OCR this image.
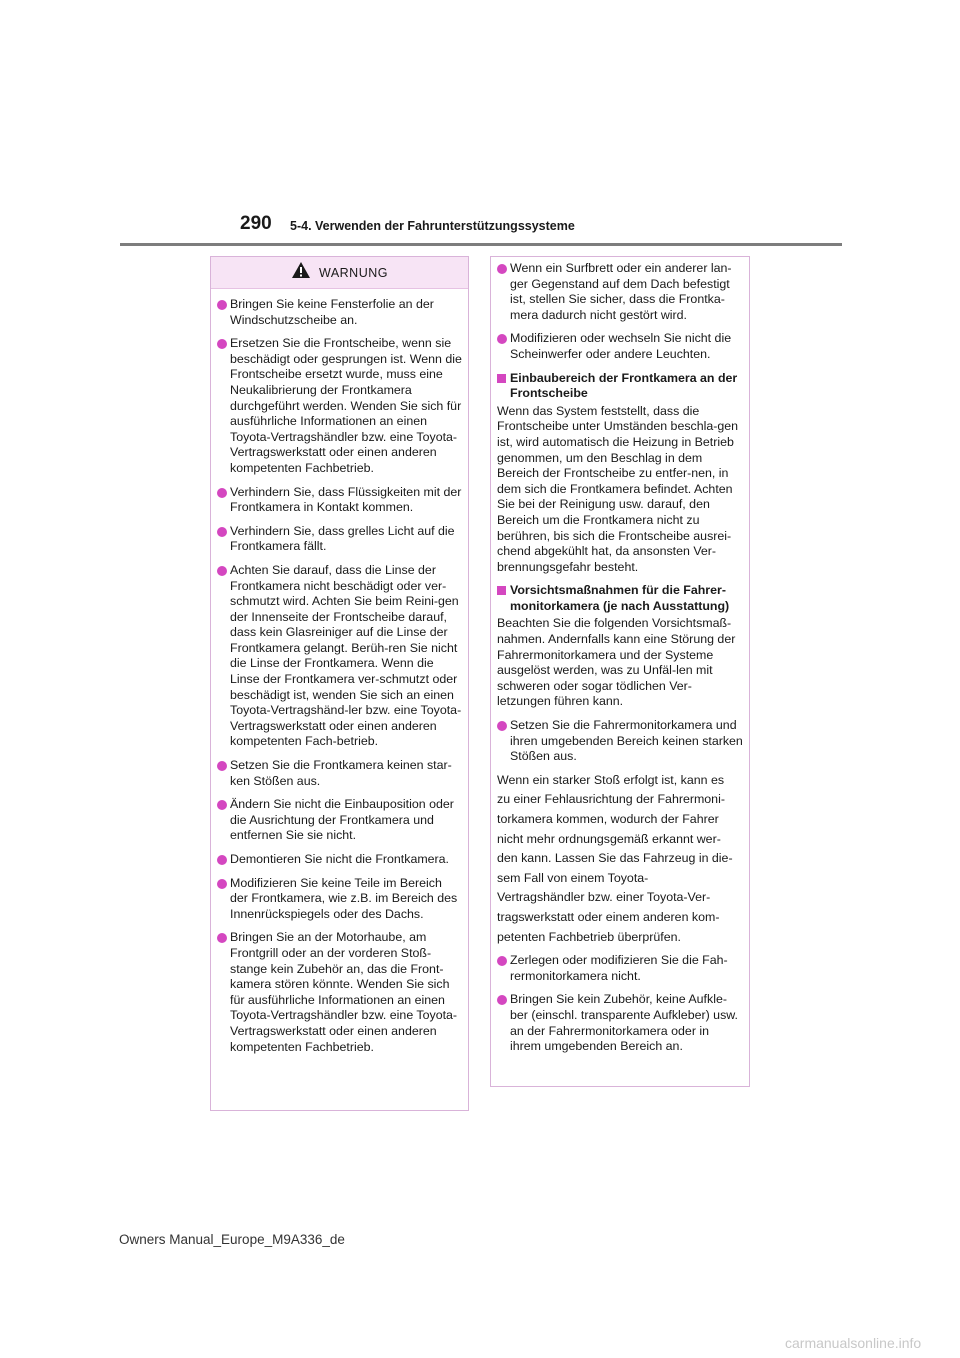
290 5-4. Verwenden der Fahrunterstützungssysteme
WARNUNG
Bringen Sie keine Fensterfolie an der Windschutzscheibe an.
Ersetzen Sie die Frontscheibe, wenn sie beschädigt oder gesprungen ist. Wenn die Frontscheibe ersetzt wurde, muss eine Neukalibrierung der Frontkamera durchgeführt werden. Wenden Sie sich für ausführliche Informationen an einen Toyota-Vertragshändler bzw. eine Toyota-Vertragswerkstatt oder einen anderen kompetenten Fachbetrieb.
Verhindern Sie, dass Flüssigkeiten mit der Frontkamera in Kontakt kommen.
Verhindern Sie, dass grelles Licht auf die Frontkamera fällt.
Achten Sie darauf, dass die Linse der Frontkamera nicht beschädigt oder ver-schmutzt wird. Achten Sie beim Reini-gen der Innenseite der Frontscheibe darauf, dass kein Glasreiniger auf die Linse der Frontkamera gelangt. Berüh-ren Sie nicht die Linse der Frontkamera. Wenn die Linse der Frontkamera ver-schmutzt oder beschädigt ist, wenden Sie sich an einen Toyota-Vertragshänd-ler bzw. eine Toyota-Vertragswerkstatt oder einen anderen kompetenten Fach-betrieb.
Setzen Sie die Frontkamera keinen star-ken Stößen aus.
Ändern Sie nicht die Einbauposition oder die Ausrichtung der Frontkamera und entfernen Sie sie nicht.
Demontieren Sie nicht die Frontkamera.
Modifizieren Sie keine Teile im Bereich der Frontkamera, wie z.B. im Bereich des Innenrückspiegels oder des Dachs.
Bringen Sie an der Motorhaube, am Frontgrill oder an der vorderen Stoß-stange kein Zubehör an, das die Front-kamera stören könnte. Wenden Sie sich für ausführliche Informationen an einen Toyota-Vertragshändler bzw. eine Toyota-Vertragswerkstatt oder einen anderen kompetenten Fachbetrieb.
Wenn ein Surfbrett oder ein anderer lan-ger Gegenstand auf dem Dach befestigt ist, stellen Sie sicher, dass die Frontka-mera dadurch nicht gestört wird.
Modifizieren oder wechseln Sie nicht die Scheinwerfer oder andere Leuchten.
Einbaubereich der Frontkamera an der Frontscheibe
Wenn das System feststellt, dass die Frontscheibe unter Umständen beschla-gen ist, wird automatisch die Heizung in Betrieb genommen, um den Beschlag in dem Bereich der Frontscheibe zu entfer-nen, in dem sich die Frontkamera befindet. Achten Sie bei der Reinigung usw. darauf, den Bereich um die Frontkamera nicht zu berühren, bis sich die Frontscheibe ausrei-chend abgekühlt hat, da ansonsten Ver-brennungsgefahr besteht.
Vorsichtsmaßnahmen für die Fahrer-monitorkamera (je nach Ausstattung)
Beachten Sie die folgenden Vorsichtsmaß-nahmen. Andernfalls kann eine Störung der Fahrermonitorkamera und der Systeme ausgelöst werden, was zu Unfäl-len mit schweren oder sogar tödlichen Ver-letzungen führen kann.
Setzen Sie die Fahrermonitorkamera und ihren umgebenden Bereich keinen starken Stößen aus.
Wenn ein starker Stoß erfolgt ist, kann es
zu einer Fehlausrichtung der Fahrermoni-
torkamera kommen, wodurch der Fahrer
nicht mehr ordnungsgemäß erkannt wer-
den kann. Lassen Sie das Fahrzeug in die-
sem Fall von einem Toyota-
Vertragshändler bzw. einer Toyota-Ver-
tragswerkstatt oder einem anderen kom-
petenten Fachbetrieb überprüfen.
Zerlegen oder modifizieren Sie die Fah-rermonitorkamera nicht.
Bringen Sie kein Zubehör, keine Aufkle-ber (einschl. transparente Aufkleber) usw. an der Fahrermonitorkamera oder in ihrem umgebenden Bereich an.
Owners Manual_Europe_M9A336_de
carmanualsonline.info
